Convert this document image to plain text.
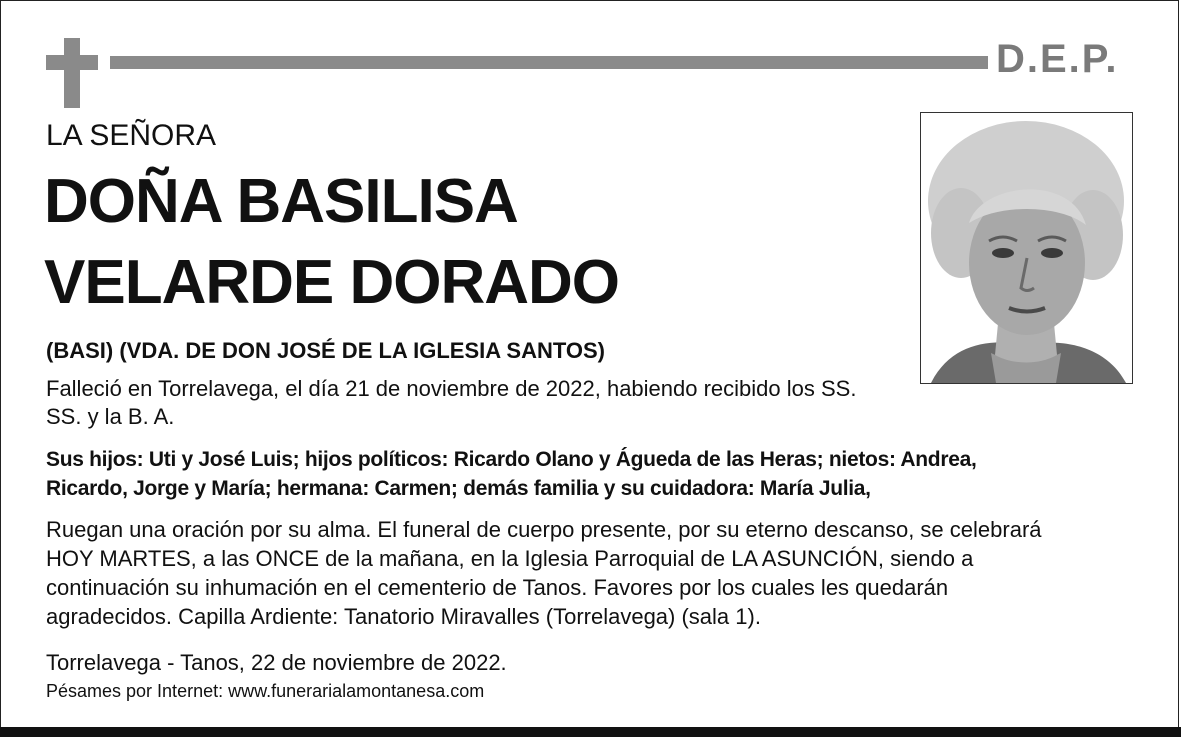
D.E.P.
LA SEÑORA
DOÑA BASILISA
VELARDE DORADO
(BASI) (VDA. DE DON JOSÉ DE LA IGLESIA SANTOS)
Falleció en Torrelavega, el día 21 de noviembre de 2022, habiendo recibido los SS. SS. y la B. A.
Sus hijos: Uti y José Luis; hijos políticos: Ricardo Olano y Águeda de las Heras; nietos: Andrea, Ricardo, Jorge y María; hermana: Carmen; demás familia y su cuidadora: María Julia,
Ruegan una oración por su alma. El funeral de cuerpo presente, por su eterno descanso, se celebrará HOY MARTES, a las ONCE de la mañana, en la Iglesia Parroquial de LA ASUNCIÓN, siendo a continuación su inhumación en el cementerio de Tanos. Favores por los cuales les quedarán agradecidos. Capilla Ardiente: Tanatorio Miravalles (Torrelavega) (sala 1).
Torrelavega - Tanos, 22 de noviembre de 2022.
Pésames por Internet: www.funerarialamontanesa.com
